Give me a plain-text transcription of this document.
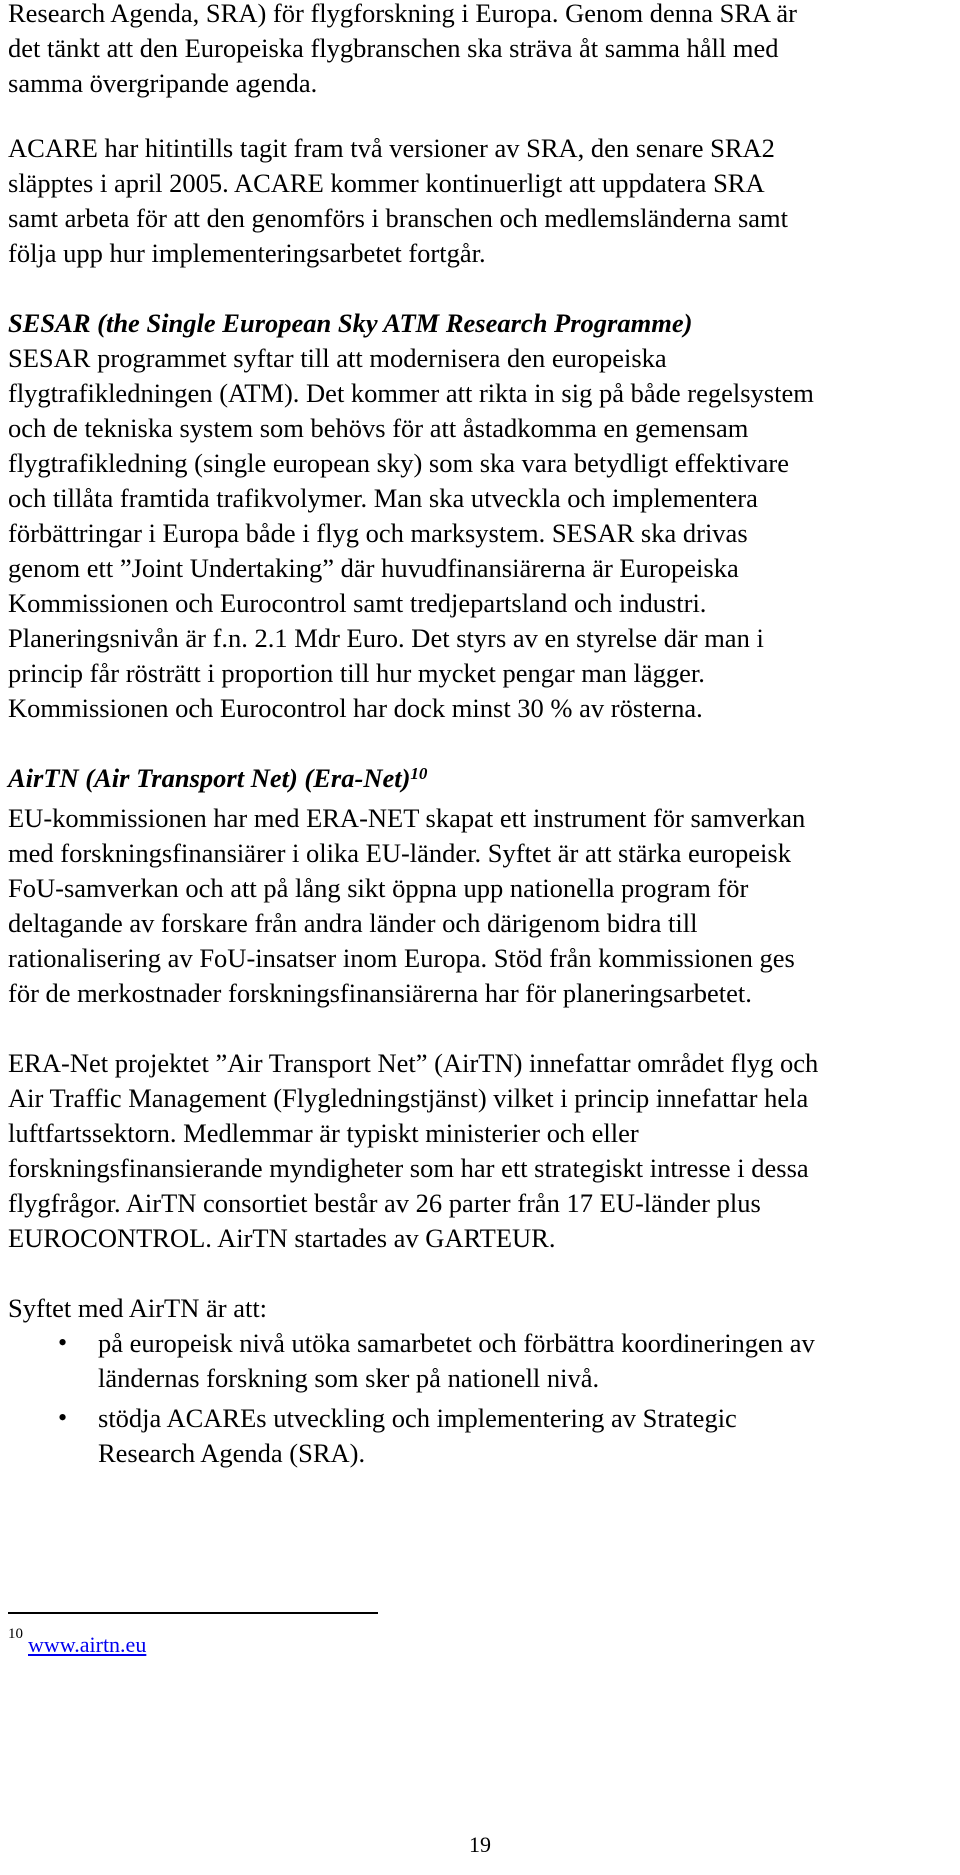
Research Agenda, SRA) för flygforskning i Europa. Genom denna SRA är
det tänkt att den Europeiska flygbranschen ska sträva åt samma håll med
samma övergripande agenda.
ACARE har hitintills tagit fram två versioner av SRA, den senare SRA2
släpptes i april 2005. ACARE kommer kontinuerligt att uppdatera SRA
samt arbeta för att den genomförs i branschen och medlemsländerna samt
följa upp hur implementeringsarbetet fortgår.
SESAR (the Single European Sky ATM Research Programme)
SESAR programmet syftar till att modernisera den europeiska
flygtrafikledningen (ATM). Det kommer att rikta in sig på både regelsystem
och de tekniska system som behövs för att åstadkomma en gemensam
flygtrafikledning (single european sky) som ska vara betydligt effektivare
och tillåta framtida trafikvolymer. Man ska utveckla och implementera
förbättringar i Europa både i flyg och marksystem. SESAR ska drivas
genom ett ”Joint Undertaking” där huvudfinansiärerna är Europeiska
Kommissionen och Eurocontrol samt tredjepartsland och industri.
Planeringsnivån är f.n. 2.1 Mdr Euro. Det styrs av en styrelse där man i
princip får rösträtt i proportion till hur mycket pengar man lägger.
Kommissionen och Eurocontrol har dock minst 30 % av rösterna.
AirTN (Air Transport Net) $(Era-Net)^{10}$
EU-kommissionen har med ERA-NET skapat ett instrument för samverkan
med forskningsfinansiärer i olika EU-länder. Syftet är att stärka europeisk
FoU-samverkan och att på lång sikt öppna upp nationella program för
deltagande av forskare från andra länder och därigenom bidra till
rationalisering av FoU-insatser inom Europa. Stöd från kommissionen ges
för de merkostnader forskningsfinansiärerna har för planeringsarbetet.
ERA-Net projektet ”Air Transport Net” (AirTN) innefattar området flyg och
Air Traffic Management (Flygledningstjänst) vilket i princip innefattar hela
luftfartssektorn. Medlemmar är typiskt ministerier och eller
forskningsfinansierande myndigheter som har ett strategiskt intresse i dessa
flygfrågor. AirTN consortiet består av 26 parter från 17 EU-länder plus
EUROCONTROL. AirTN startades av GARTEUR.
Syftet med AirTN är att:
• på europeisk nivå utöka samarbetet och förbättra koordineringen av
ländernas forskning som sker på nationell nivå.
• stödja ACAREs utveckling och implementering av Strategic
Research Agenda (SRA).
10 www.airtn.eu
19
